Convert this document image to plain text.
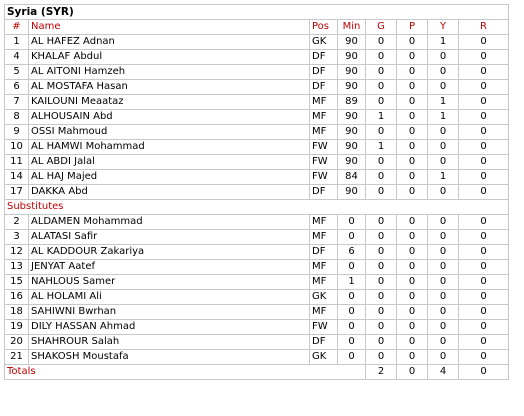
Syria (SYR)							
#	Name	Pos	Min	G	P	Y	R
1	AL HAFEZ Adnan	GK	90	0	0	1	0
4	KHALAF Abdul	DF	90	0	0	0	0
5	AL AITONI Hamzeh	DF	90	0	0	0	0
6	AL MOSTAFA Hasan	DF	90	0	0	0	0
7	KAILOUNI Meaataz	MF	89	0	0	1	0
8	ALHOUSAIN Abd	MF	90	1	0	1	0
9	OSSI Mahmoud	MF	90	0	0	0	0
10	AL HAMWI Mohammad	FW	90	1	0	0	0
11	AL ABDI Jalal	FW	90	0	0	0	0
14	AL HAJ Majed	FW	84	0	0	1	0
17	DAKKA Abd	DF	90	0	0	0	0
Substitutes							
2	ALDAMEN Mohammad	MF	0	0	0	0	0
3	ALATASI Safir	MF	0	0	0	0	0
12	AL KADDOUR Zakariya	DF	6	0	0	0	0
13	JENYAT Aatef	MF	0	0	0	0	0
15	NAHLOUS Samer	MF	1	0	0	0	0
16	AL HOLAMI Ali	GK	0	0	0	0	0
18	SAHIWNI Bwrhan	MF	0	0	0	0	0
19	DILY HASSAN Ahmad	FW	0	0	0	0	0
20	SHAHROUR Salah	DF	0	0	0	0	0
21	SHAKOSH Moustafa	GK	0	0	0	0	0
Totals				2	0	4	0
